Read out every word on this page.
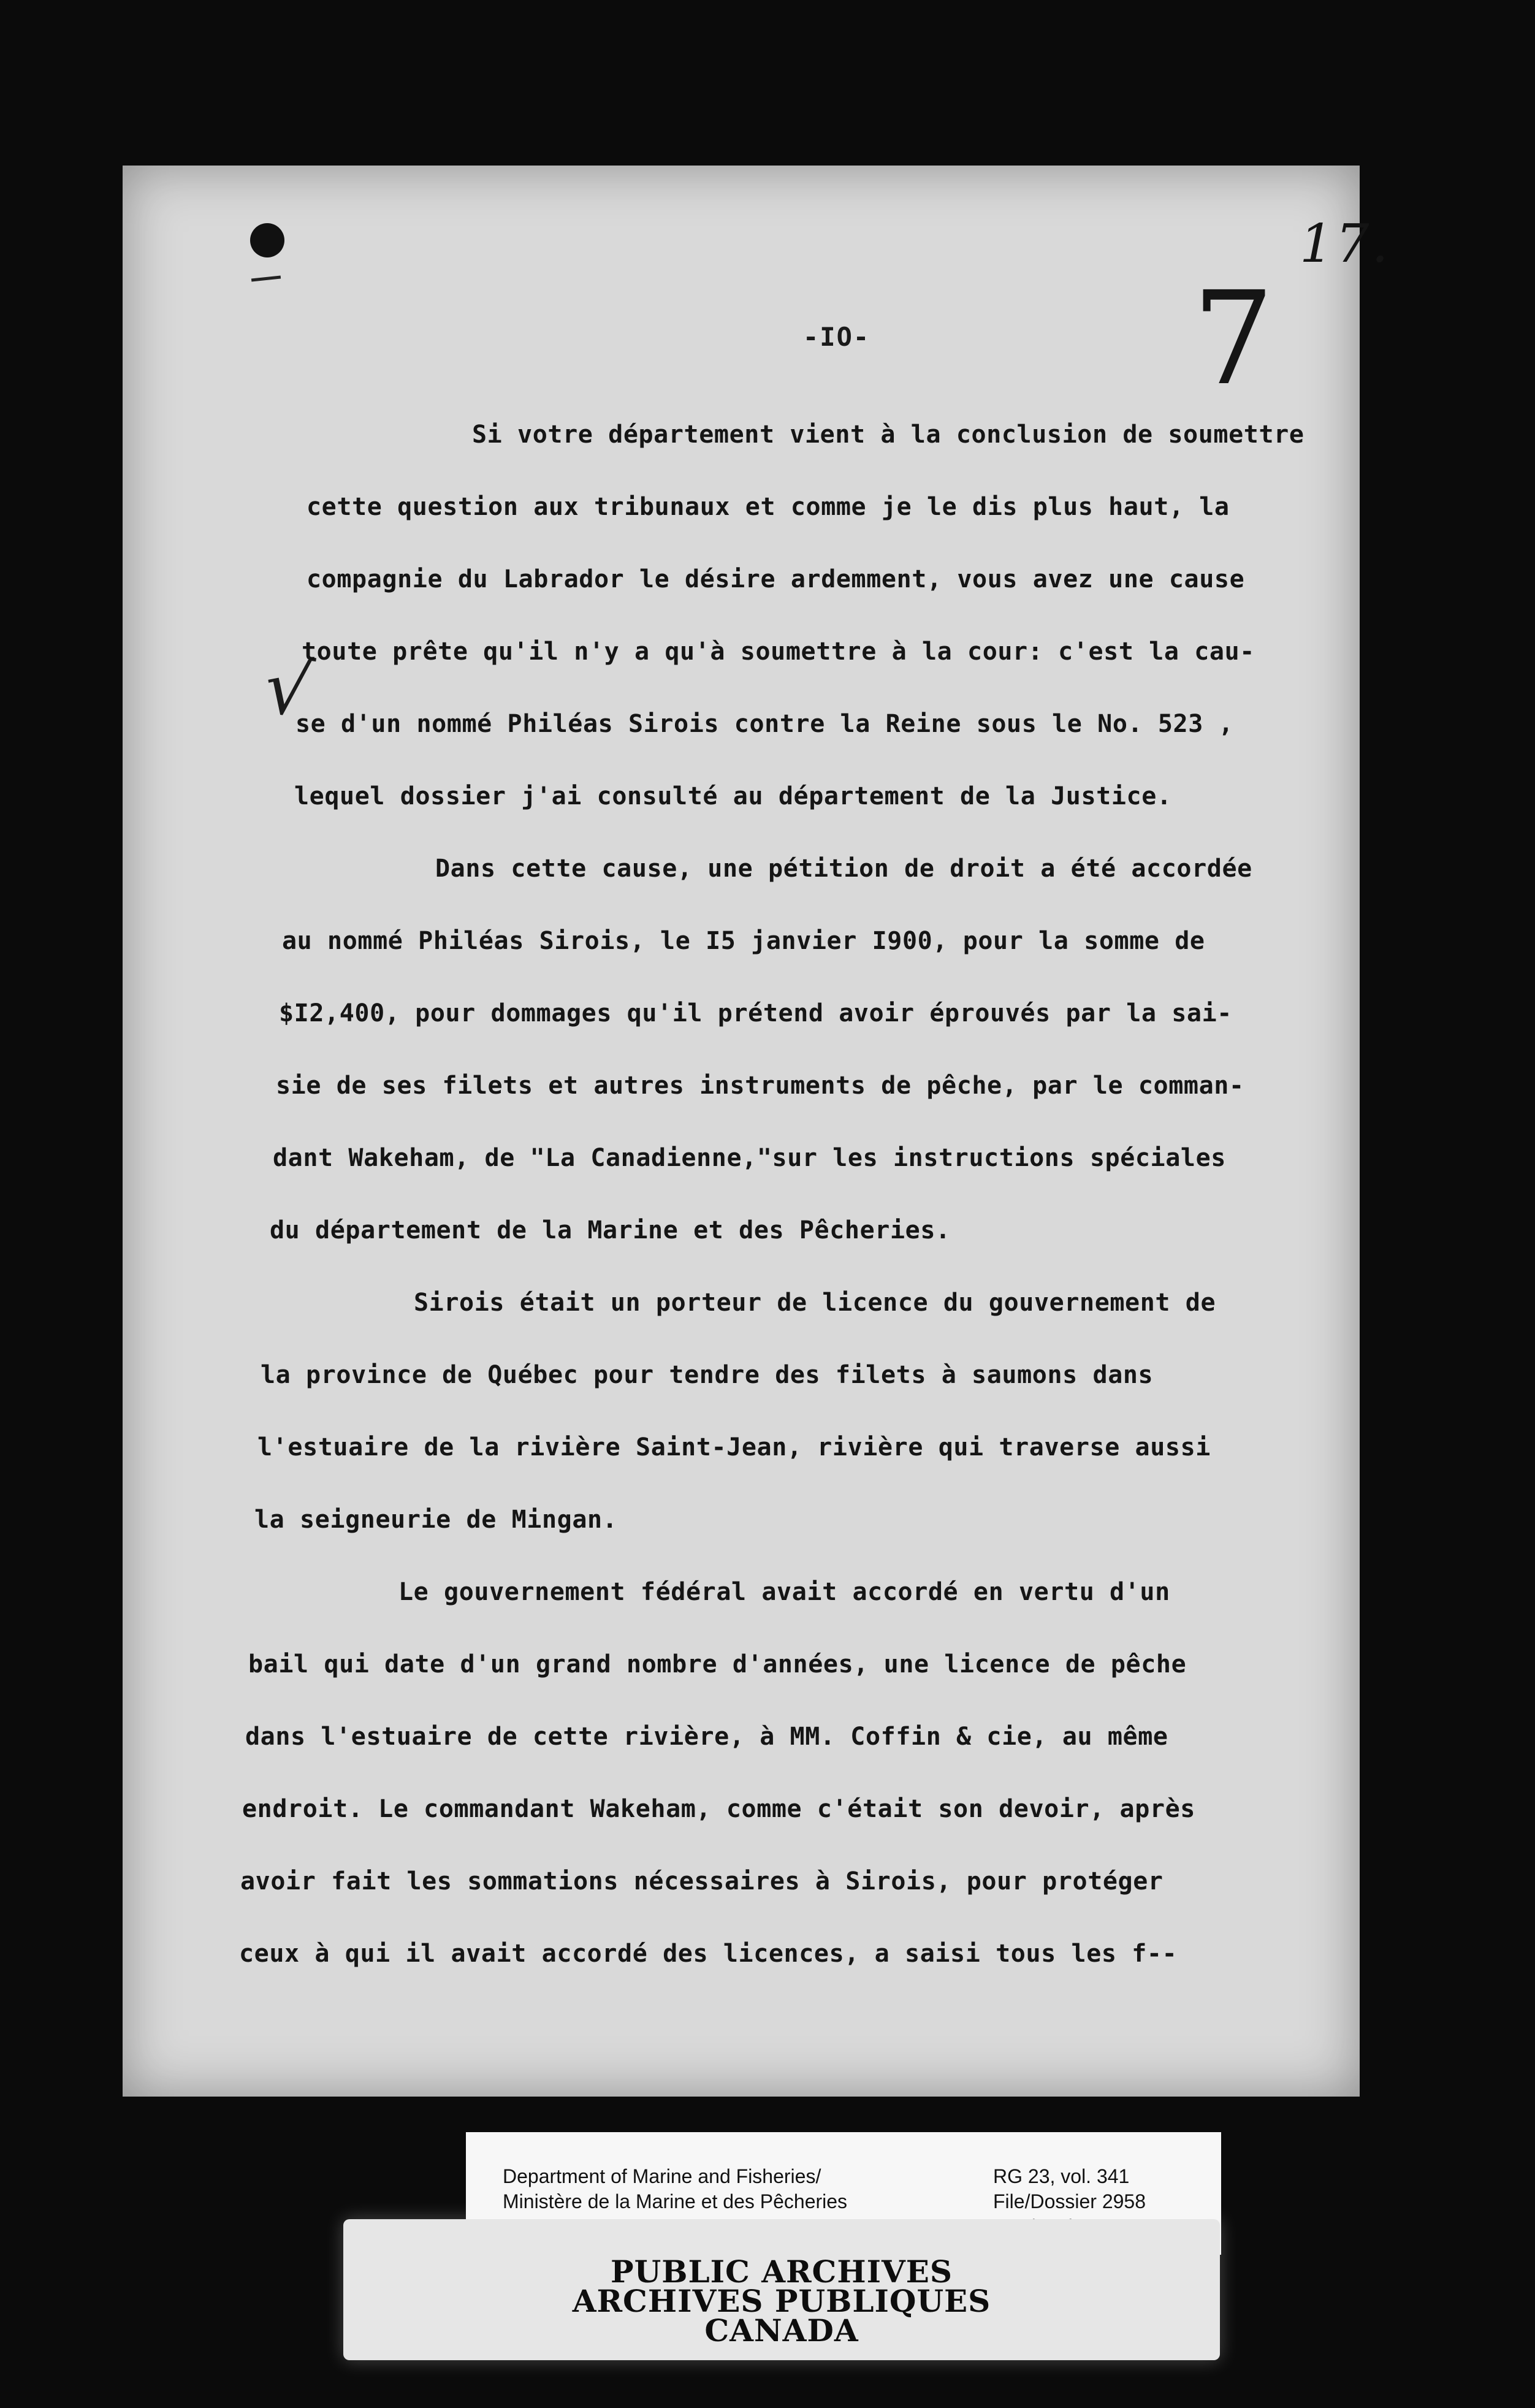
17.
7
-IO-
√
Si votre département vient à la conclusion de soumettre
cette question aux tribunaux et comme je le dis plus haut, la
compagnie du Labrador le désire ardemment, vous avez une cause
toute prête qu'il n'y a qu'à soumettre à la cour: c'est la cau-
se d'un nommé Philéas Sirois contre la Reine sous le No. 523 ,
lequel dossier j'ai consulté au département de la Justice.
Dans cette cause, une pétition de droit a été accordée
au nommé Philéas Sirois, le I5 janvier I900, pour la somme de
$I2,400, pour dommages qu'il prétend avoir éprouvés par la sai-
sie de ses filets et autres instruments de pêche, par le comman-
dant Wakeham, de "La Canadienne,"sur les instructions spéciales
du département de la Marine et des Pêcheries.
Sirois était un porteur de licence du gouvernement de
la province de Québec pour tendre des filets à saumons dans
l'estuaire de la rivière Saint-Jean, rivière qui traverse aussi
la seigneurie de Mingan.
Le gouvernement fédéral avait accordé en vertu d'un
bail qui date d'un grand nombre d'années, une licence de pêche
dans l'estuaire de cette rivière, à MM. Coffin & cie, au même
endroit. Le commandant Wakeham, comme c'était son devoir, après
avoir fait les sommations nécessaires à Sirois, pour protéger
ceux à qui il avait accordé des licences, a saisi tous les f--
Department of Marine and Fisheries/
Ministère de la Marine et des Pêcheries
RG 23, vol. 341
File/Dossier 2958
PUBLIC ARCHIVES
ARCHIVES PUBLIQUES
CANADA
